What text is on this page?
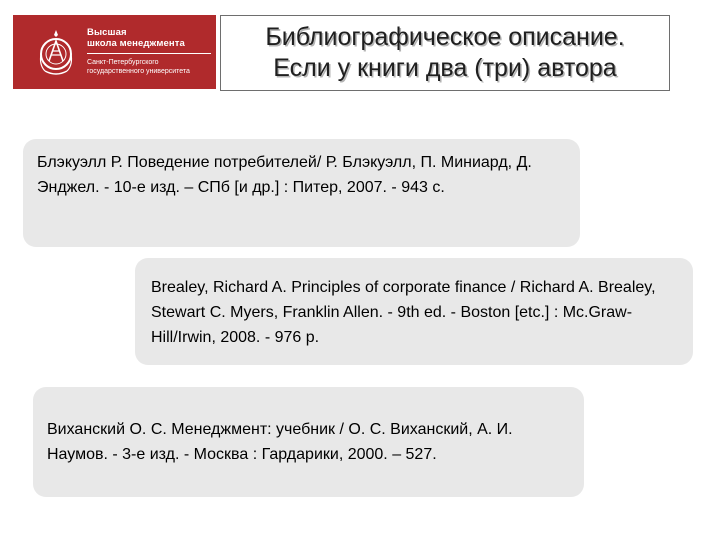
Высшая
школа менеджмента
Санкт-Петербургского
государственного университета
Библиографическое описание.
Если у книги два (три) автора

Блэкуэлл Р. Поведение потребителей/ Р. Блэкуэлл, П. Миниард, Д. Энджел. - 10-е изд. – СПб [и др.] : Питер, 2007. - 943 с.

Brealey, Richard A. Principles of corporate finance / Richard A. Brealey, Stewart C. Myers, Franklin Allen. - 9th ed. - Boston [etc.] : Mc.Graw-Hill/Irwin, 2008. - 976 p.

Виханский О. С. Менеджмент: учебник / О. С. Виханский, А. И. Наумов. - 3-е изд. - Москва : Гардарики, 2000. – 527.
